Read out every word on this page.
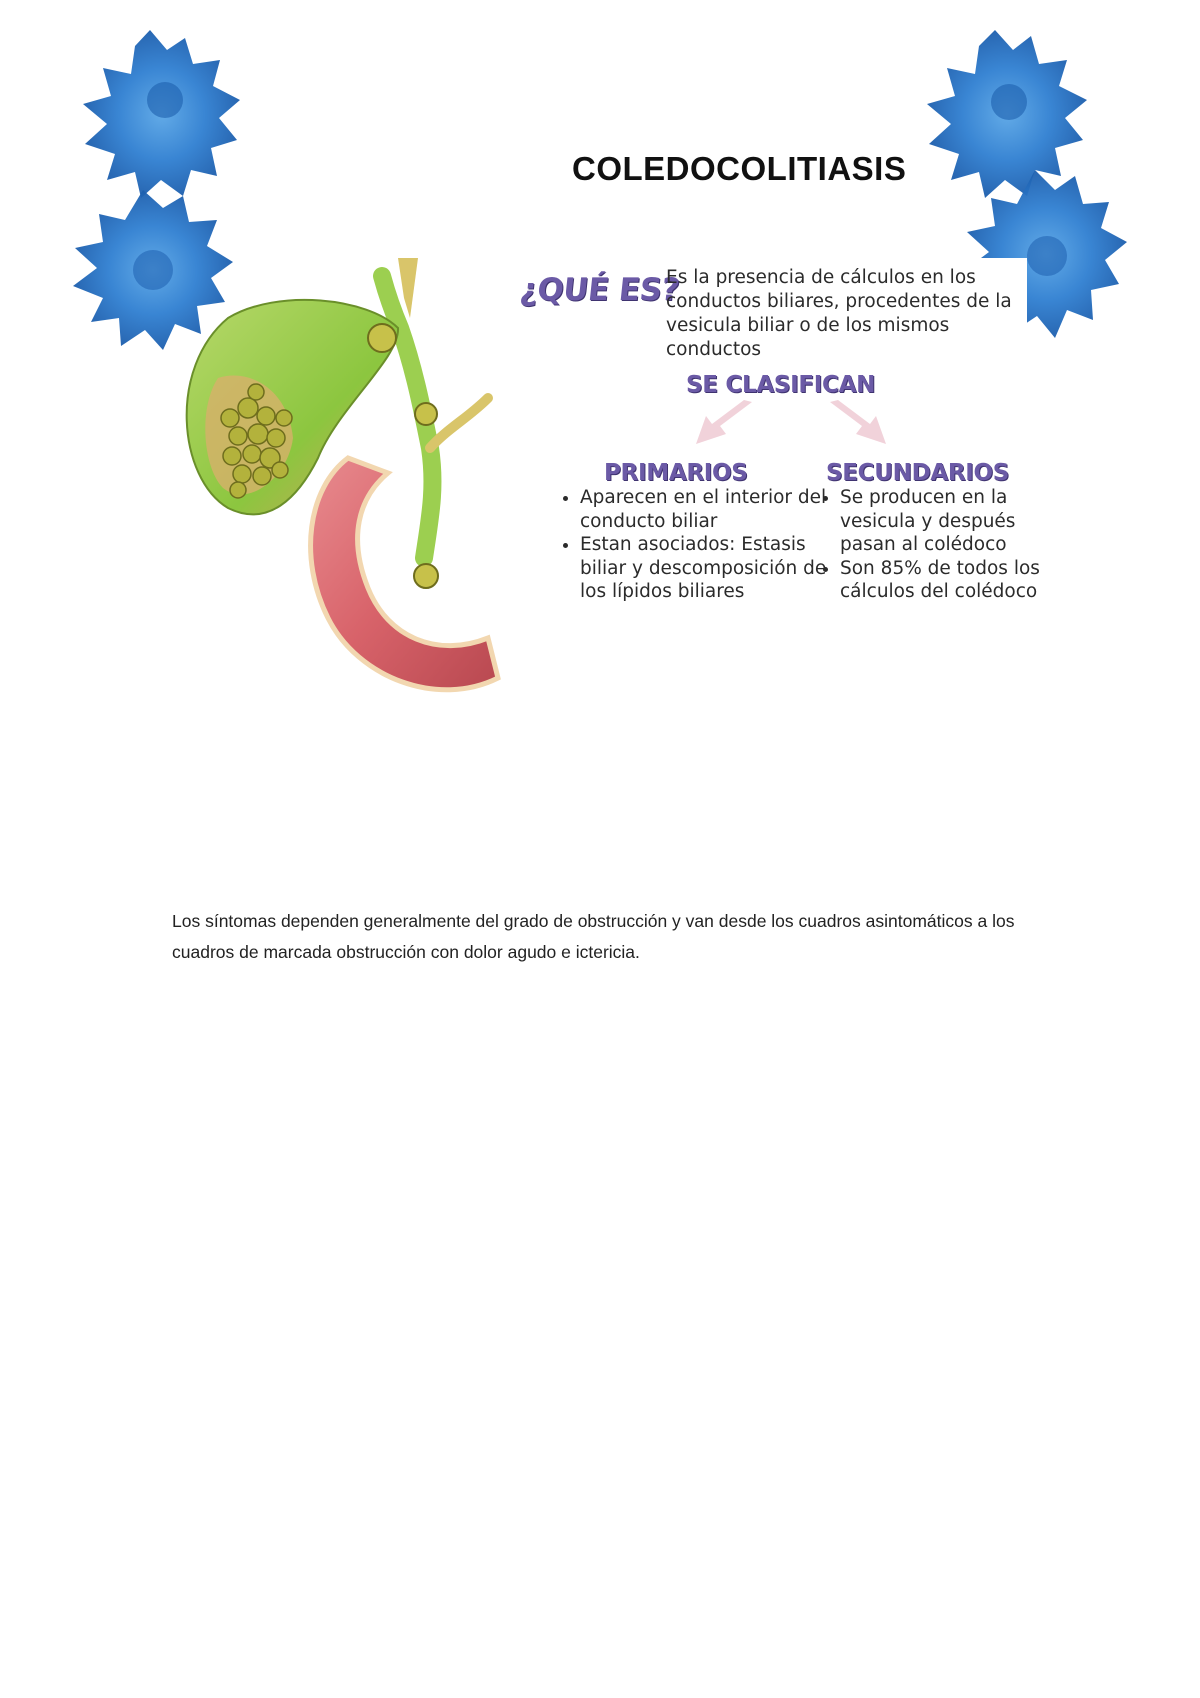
COLEDOCOLITIASIS
¿QUÉ ES?

Es la presencia de cálculos en los conductos biliares, procedentes de la vesicula biliar o de los mismos conductos

SE CLASIFICAN
PRIMARIOS
• Aparecen en el interior del conducto biliar
• Estan asociados: Estasis biliar y descomposición de los lípidos biliares
SECUNDARIOS
• Se producen en la vesicula y después pasan al colédoco
• Son 85% de todos los cálculos del colédoco

Los síntomas dependen generalmente del grado de obstrucción y van desde los cuadros asintomáticos a los cuadros de marcada obstrucción con dolor agudo e ictericia.
